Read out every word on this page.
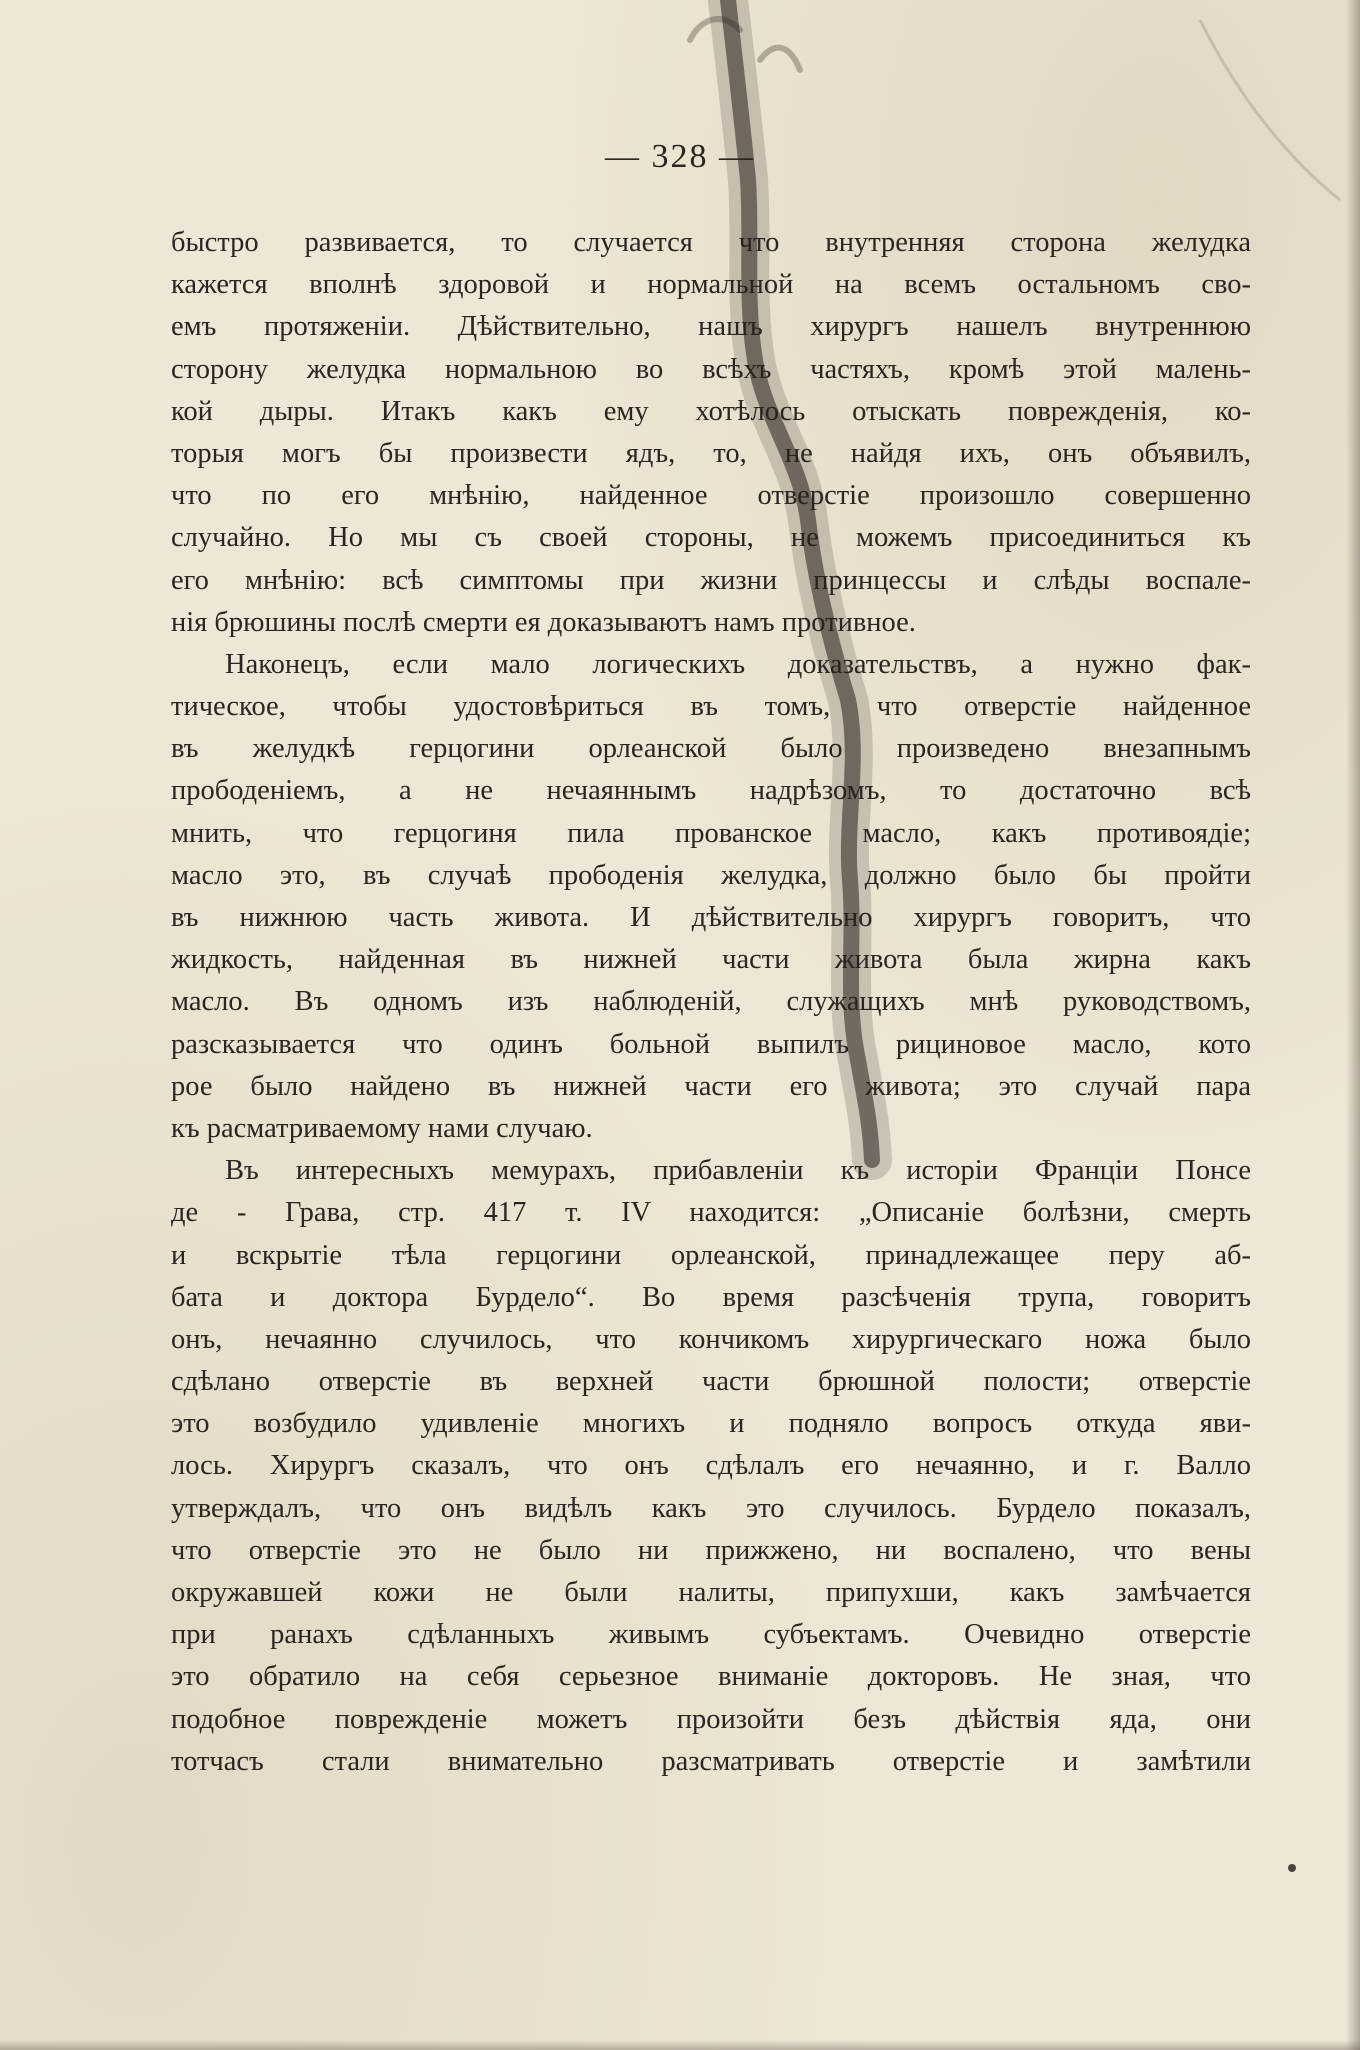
— 328 —
быстро развивается, то случается что внутренняя сторона желудка
кажется вполнѣ здоровой и нормальной на всемъ остальномъ сво-
емъ протяженіи. Дѣйствительно, нашъ хирургъ нашелъ внутреннюю
сторону желудка нормальною во всѣхъ частяхъ, кромѣ этой малень-
кой дыры. Итакъ какъ ему хотѣлось отыскать поврежденія, ко-
торыя могъ бы произвести ядъ, то, не найдя ихъ, онъ объявилъ,
что по его мнѣнію, найденное отверстіе произошло совершенно
случайно. Но мы съ своей стороны, не можемъ присоединиться къ
его мнѣнію: всѣ симптомы при жизни принцессы и слѣды воспале-
нія брюшины послѣ смерти ея доказываютъ намъ противное.
Наконецъ, если мало логическихъ доказательствъ, а нужно фак-
тическое, чтобы удостовѣриться въ томъ, что отверстіе найденное
въ желудкѣ герцогини орлеанской было произведено внезапнымъ
прободеніемъ, а не нечаяннымъ надрѣзомъ, то достаточно всѣ
мнить, что герцогиня пила прованское масло, какъ противоядіе;
масло это, въ случаѣ прободенія желудка, должно было бы пройти
въ нижнюю часть живота. И дѣйствительно хирургъ говоритъ, что
жидкость, найденная въ нижней части живота была жирна какъ
масло. Въ одномъ изъ наблюденій, служащихъ мнѣ руководствомъ,
разсказывается что одинъ больной выпилъ рициновое масло, кото
рое было найдено въ нижней части его живота; это случай пара
къ расматриваемому нами случаю.
Въ интересныхъ мемурахъ, прибавленіи къ исторіи Франціи Понсе
де - Грава, стр. 417 т. IV находится: „Описаніе болѣзни, смерть
и вскрытіе тѣла герцогини орлеанской, принадлежащее перу аб-
бата и доктора Бурдело“. Во время разсѣченія трупа, говоритъ
онъ, нечаянно случилось, что кончикомъ хирургическаго ножа было
сдѣлано отверстіе въ верхней части брюшной полости; отверстіе
это возбудило удивленіе многихъ и подняло вопросъ откуда яви-
лось. Хирургъ сказалъ, что онъ сдѣлалъ его нечаянно, и г. Валло
утверждалъ, что онъ видѣлъ какъ это случилось. Бурдело показалъ,
что отверстіе это не было ни прижжено, ни воспалено, что вены
окружавшей кожи не были налиты, припухши, какъ замѣчается
при ранахъ сдѣланныхъ живымъ субъектамъ. Очевидно отверстіе
это обратило на себя серьезное вниманіе докторовъ. Не зная, что
подобное поврежденіе можетъ произойти безъ дѣйствія яда, они
тотчасъ стали внимательно разсматривать отверстіе и замѣтили
